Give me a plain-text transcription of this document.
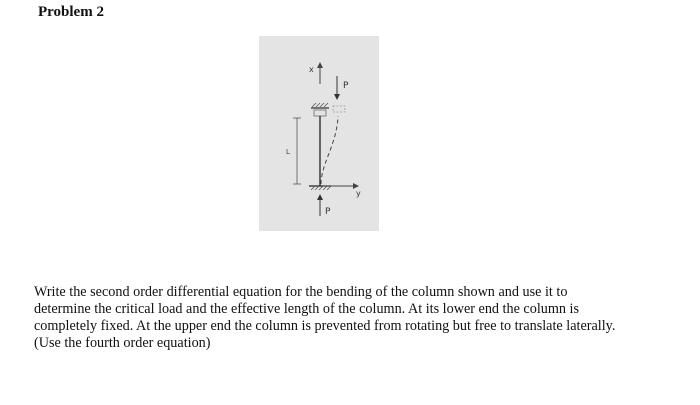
Problem 2
x
P
L
y
P
Write the second order differential equation for the bending of the column shown and use it to
determine the critical load and the effective length of the column. At its lower end the column is
completely fixed. At the upper end the column is prevented from rotating but free to translate laterally.
(Use the fourth order equation)
